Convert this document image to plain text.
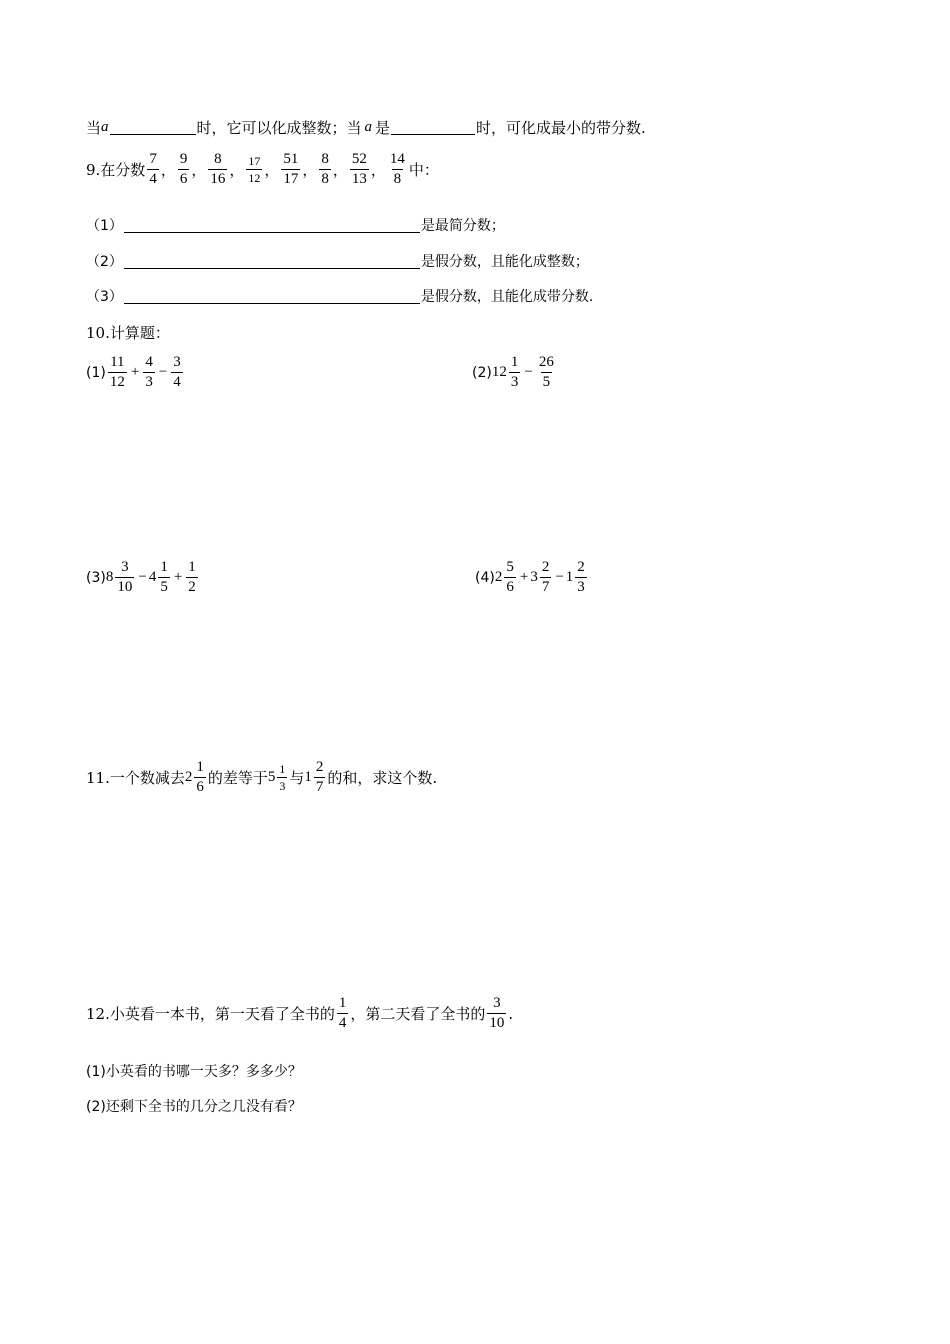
当 a	时，它可以化成整数；当 a 是	时，可化成最小的带分数.
9.在分数 $\frac{7}{4}$ ， $\frac{9}{6}$ ， $\frac{8}{16}$ ， $\frac{17}{12}$ ， $\frac{51}{17}$ ， $\frac{8}{8}$ ， $\frac{52}{13}$ ， $\frac{14}{8}$ 中：
（1）	是最简分数；
（2）	是假分数，且能化成整数；
（3）	是假分数，且能化成带分数.
10.计算题：
$(1) \frac{11}{12} + \frac{4}{3} - \frac{3}{4}$	(2) $12 \frac{1}{3} - \frac{26}{5}$
(3) $8 \frac{3}{10} - 4 \frac{1}{5} + \frac{1}{2}$	(4) $2 \frac{5}{6} + 3 \frac{2}{7} - 1 \frac{2}{3}$
11.一个数减去 $2 \frac{1}{6}$ 的差等于 $5 \frac{1}{3}$ 与 $1 \frac{2}{7}$ 的和，求这个数.
12.小英看一本书，第一天看了全书的 $\frac{1}{4}$ ，第二天看了全书的 $\frac{3}{10}$ .
(1)小英看的书哪一天多？多多少？
(2)还剩下全书的几分之几没有看？
